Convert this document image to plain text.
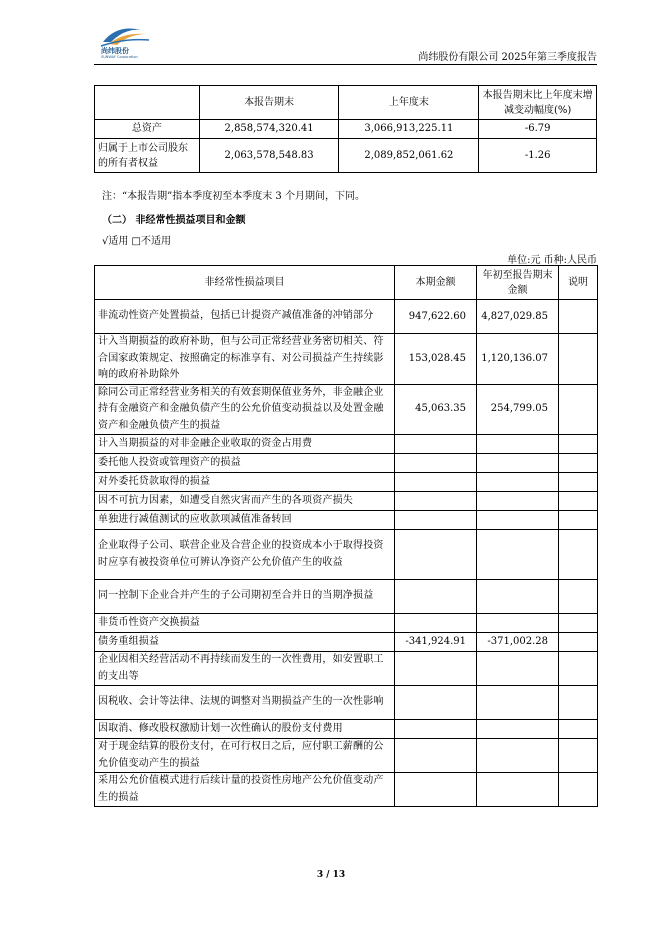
尚纬股份
SUNWAY Corporation	尚纬股份有限公司 2025年第三季度报告
	本报告期末	上年度末	本报告期末比上年度末增减变动幅度(%)
总资产	2,858,574,320.41	3,066,913,225.11	-6.79
归属于上市公司股东的所有者权益	2,063,578,548.83	2,089,852,061.62	-1.26
注：“本报告期”指本季度初至本季度末 3 个月期间，下同。
（二） 非经常性损益项目和金额
√适用 □不适用
单位:元 币种:人民币
非经常性损益项目	本期金额	年初至报告期末金额	说明
非流动性资产处置损益，包括已计提资产减值准备的冲销部分	947,622.60	4,827,029.85	
计入当期损益的政府补助，但与公司正常经营业务密切相关、符合国家政策规定、按照确定的标准享有、对公司损益产生持续影响的政府补助除外	153,028.45	1,120,136.07	
除同公司正常经营业务相关的有效套期保值业务外，非金融企业持有金融资产和金融负债产生的公允价值变动损益以及处置金融资产和金融负债产生的损益	45,063.35	254,799.05	
计入当期损益的对非金融企业收取的资金占用费			
委托他人投资或管理资产的损益			
对外委托贷款取得的损益			
因不可抗力因素，如遭受自然灾害而产生的各项资产损失			
单独进行减值测试的应收款项减值准备转回			
企业取得子公司、联营企业及合营企业的投资成本小于取得投资时应享有被投资单位可辨认净资产公允价值产生的收益			
同一控制下企业合并产生的子公司期初至合并日的当期净损益			
非货币性资产交换损益			
债务重组损益	-341,924.91	-371,002.28	
企业因相关经营活动不再持续而发生的一次性费用，如安置职工的支出等			
因税收、会计等法律、法规的调整对当期损益产生的一次性影响			
因取消、修改股权激励计划一次性确认的股份支付费用			
对于现金结算的股份支付，在可行权日之后，应付职工薪酬的公允价值变动产生的损益			
采用公允价值模式进行后续计量的投资性房地产公允价值变动产生的损益			
3 / 13
